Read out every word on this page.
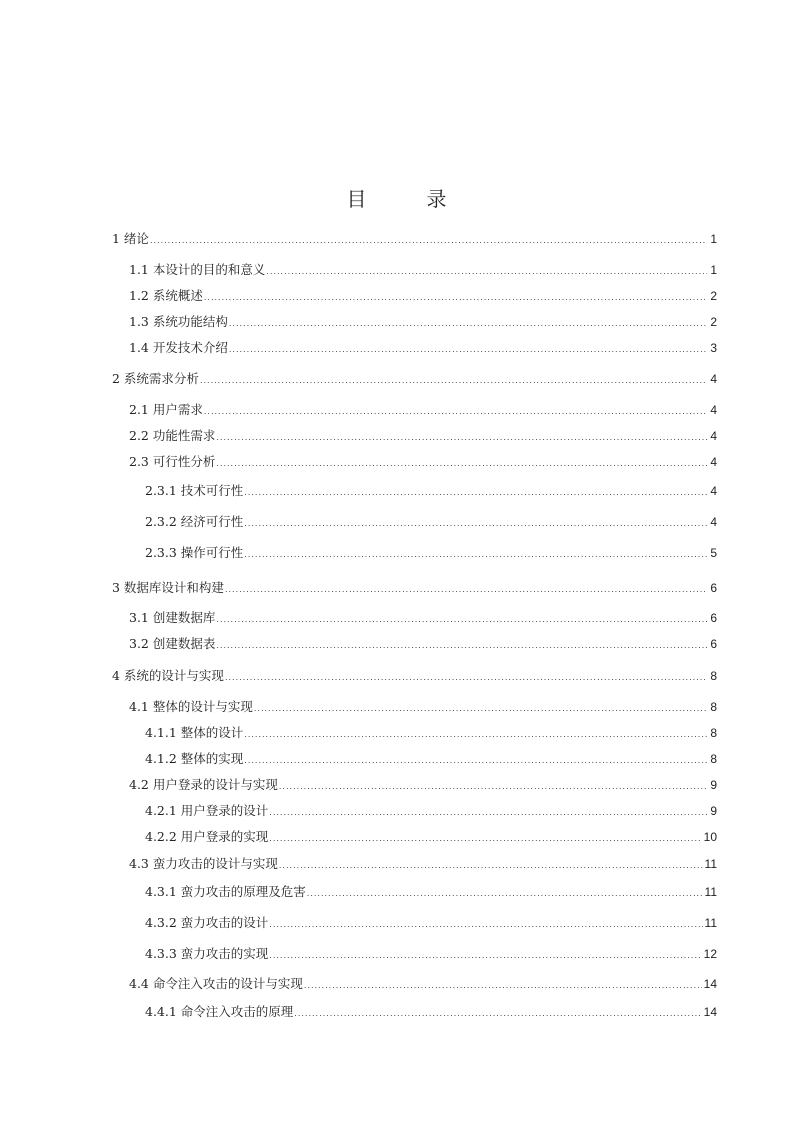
目　录
1 绪论 .....	1
1.1 本设计的目的和意义 .....	1
1.2 系统概述 .....	2
1.3 系统功能结构 .....	2
1.4 开发技术介绍 .....	3
2 系统需求分析 .....	4
2.1 用户需求 .....	4
2.2 功能性需求 .....	4
2.3 可行性分析 .....	4
2.3.1 技术可行性 .....	4
2.3.2 经济可行性 .....	4
2.3.3 操作可行性 .....	5
3 数据库设计和构建 .....	6
3.1 创建数据库 .....	6
3.2 创建数据表 .....	6
4 系统的设计与实现 .....	8
4.1 整体的设计与实现 .....	8
4.1.1 整体的设计 .....	8
4.1.2 整体的实现 .....	8
4.2 用户登录的设计与实现 .....	9
4.2.1 用户登录的设计 .....	9
4.2.2 用户登录的实现 .....	10
4.3 蛮力攻击的设计与实现 .....	11
4.3.1 蛮力攻击的原理及危害 .....	11
4.3.2 蛮力攻击的设计 .....	11
4.3.3 蛮力攻击的实现 .....	12
4.4 命令注入攻击的设计与实现 .....	14
4.4.1 命令注入攻击的原理 .....	14
